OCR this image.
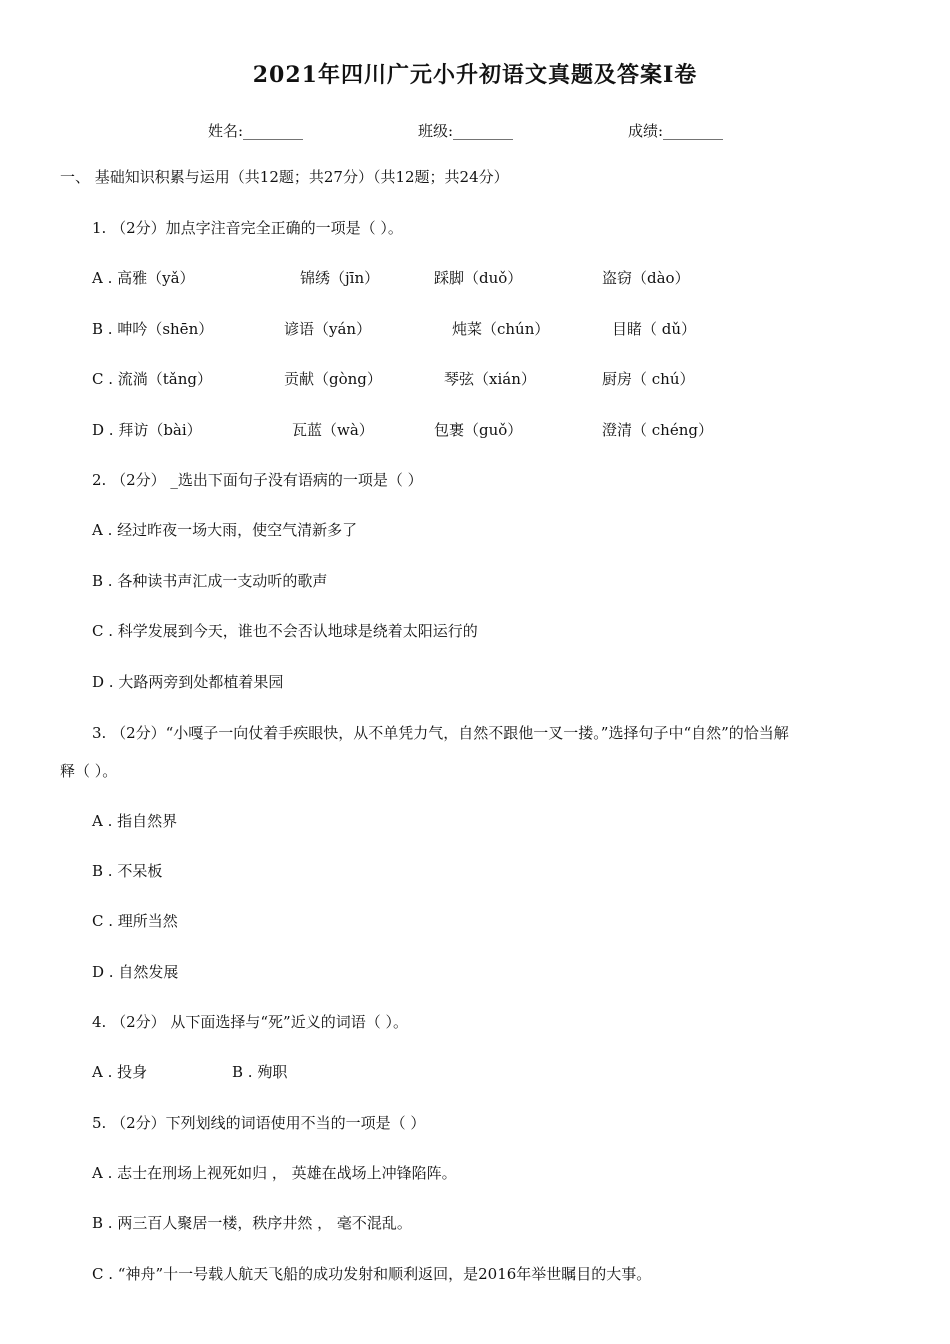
2021年四川广元小升初语文真题及答案I卷
姓名:________	班级:________	成绩:________
一、 基础知识积累与运用（共12题；共27分）（共12题；共24分）
1. （2分）加点字注音完全正确的一项是（ ）。
A . 高雅（yǎ）	锦绣（jīn）	踩脚（duǒ）	盗窃（dào）
B . 呻吟（shēn）	谚语（yán）	炖菜（chún）	目睹（ dǔ）
C . 流淌（tǎng）	贡献（gòng）	琴弦（xián）	厨房（ chú）
D . 拜访（bài）	瓦蓝（wà）	包裹（guǒ）	澄清（ chéng）
2. （2分） _选出下面句子没有语病的一项是（ ）
A . 经过昨夜一场大雨，使空气清新多了
B . 各种读书声汇成一支动听的歌声
C . 科学发展到今天，谁也不会否认地球是绕着太阳运行的
D . 大路两旁到处都植着果园
3. （2分）“小嘎子一向仗着手疾眼快，从不单凭力气，自然不跟他一叉一搂。”选择句子中“自然”的恰当解
释（ ）。
A . 指自然界
B . 不呆板
C . 理所当然
D . 自然发展
4. （2分） 从下面选择与“死”近义的词语（ ）。
A . 投身	B . 殉职
5. （2分）下列划线的词语使用不当的一项是（ ）
A . 志士在刑场上视死如归 ， 英雄在战场上冲锋陷阵。
B . 两三百人聚居一楼，秩序井然 ， 毫不混乱。
C . “神舟”十一号载人航天飞船的成功发射和顺利返回，是2016年举世瞩目的大事。
